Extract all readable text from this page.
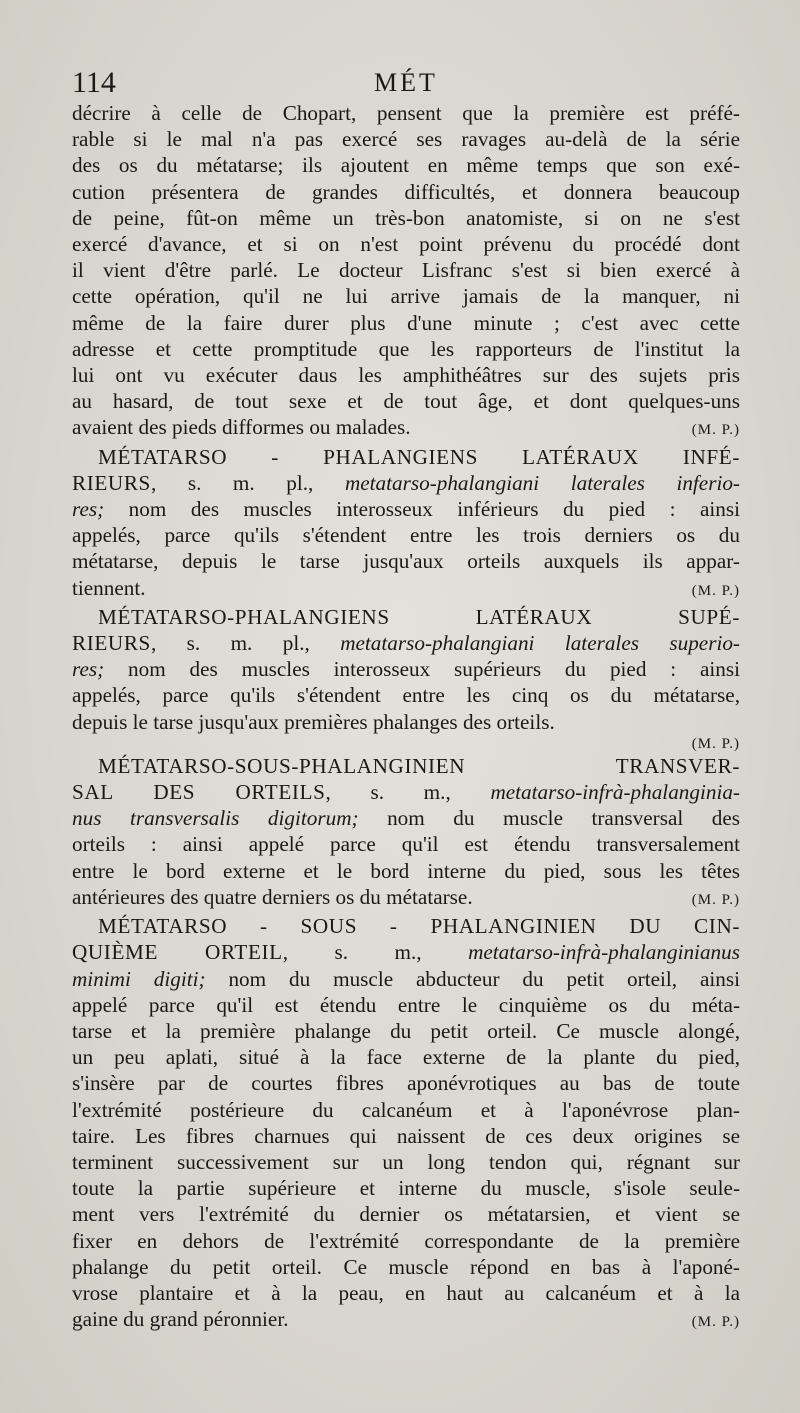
114	MÉT
décrire à celle de Chopart, pensent que la première est préfé-
rable si le mal n'a pas exercé ses ravages au-delà de la série
des os du métatarse; ils ajoutent en même temps que son exé-
cution présentera de grandes difficultés, et donnera beaucoup
de peine, fût-on même un très-bon anatomiste, si on ne s'est
exercé d'avance, et si on n'est point prévenu du procédé dont
il vient d'être parlé. Le docteur Lisfranc s'est si bien exercé à
cette opération, qu'il ne lui arrive jamais de la manquer, ni
même de la faire durer plus d'une minute ; c'est avec cette
adresse et cette promptitude que les rapporteurs de l'institut la
lui ont vu exécuter daus les amphithéâtres sur des sujets pris
au hasard, de tout sexe et de tout âge, et dont quelques-uns
avaient des pieds difformes ou malades.	(M. P.)
MÉTATARSO - PHALANGIENS LATÉRAUX INFÉ-
RIEURS, s. m. pl., metatarso-phalangiani laterales inferio-
res; nom des muscles interosseux inférieurs du pied : ainsi
appelés, parce qu'ils s'étendent entre les trois derniers os du
métatarse, depuis le tarse jusqu'aux orteils auxquels ils appar-
tiennent.	(M. P.)
MÉTATARSO-PHALANGIENS LATÉRAUX SUPÉ-
RIEURS, s. m. pl., metatarso-phalangiani laterales superio-
res; nom des muscles interosseux supérieurs du pied : ainsi
appelés, parce qu'ils s'étendent entre les cinq os du métatarse,
depuis le tarse jusqu'aux premières phalanges des orteils.
(M. P.)
MÉTATARSO-SOUS-PHALANGINIEN TRANSVER-
SAL DES ORTEILS, s. m., metatarso-infrà-phalanginia-
nus transversalis digitorum; nom du muscle transversal des
orteils : ainsi appelé parce qu'il est étendu transversalement
entre le bord externe et le bord interne du pied, sous les têtes
antérieures des quatre derniers os du métatarse.	(M. P.)
MÉTATARSO - SOUS - PHALANGINIEN DU CIN-
QUIÈME ORTEIL, s. m., metatarso-infrà-phalanginianus
minimi digiti; nom du muscle abducteur du petit orteil, ainsi
appelé parce qu'il est étendu entre le cinquième os du méta-
tarse et la première phalange du petit orteil. Ce muscle alongé,
un peu aplati, situé à la face externe de la plante du pied,
s'insère par de courtes fibres aponévrotiques au bas de toute
l'extrémité postérieure du calcanéum et à l'aponévrose plan-
taire. Les fibres charnues qui naissent de ces deux origines se
terminent successivement sur un long tendon qui, régnant sur
toute la partie supérieure et interne du muscle, s'isole seule-
ment vers l'extrémité du dernier os métatarsien, et vient se
fixer en dehors de l'extrémité correspondante de la première
phalange du petit orteil. Ce muscle répond en bas à l'aponé-
vrose plantaire et à la peau, en haut au calcanéum et à la
gaine du grand péronnier.	(M. P.)
